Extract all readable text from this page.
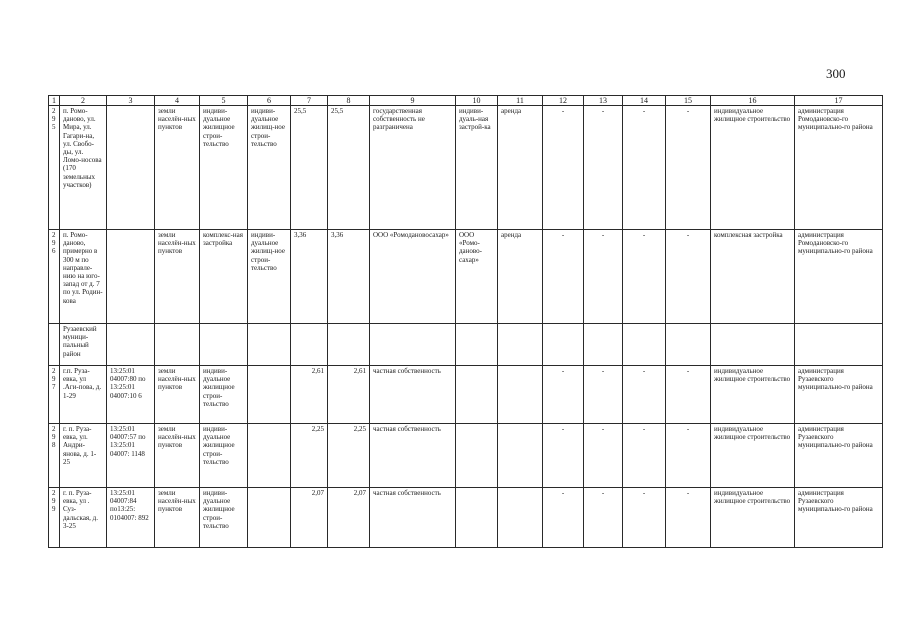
300
1	2	3	4	5	6	7	8	9	10	11	12	13	14	15	16	17
295	п. Ромо-даново, ул. Мира, ул. Гагари-на, ул. Свобо-ды, ул. Ломо-носова (170 земельных участков)		земли населён-ных пунктов	индиви-дуальное жилищное строи-тельство	индиви-дуальное жилищ-ное строи-тельство	25,5	25,5	государственная собственность не разграничена	индиви-дуаль-ная застрой-ка	аренда	-	-	-	-	индивидуальное жилищное строительство	администрация Ромодановско-го муниципально-го района
296	п. Ромо-даново, примерно в 300 м по направле-нию на юго-запад от д. 7 по ул. Родин-кова		земли населён-ных пунктов	комплекс-ная застройка	индиви-дуальное жилищ-ное строи-тельство	3,36	3,36	ООО «Ромодановосахар»	ООО «Ромо-даново-сахар»	аренда	-	-	-	-	комплексная застройка	администрация Ромодановско-го муниципально-го района
	Рузаевский муници-пальный район															
297	г.п. Руза-евка, ул .Аги-пова, д. 1-29	13:25:01 04007:80 по 13:25:01 04007:10 6	земли населён-ных пунктов	индиви-дуальное жилищное строи-тельство		2,61	2,61	частная собственность			-	-	-	-	индивидуальное жилищное строительство	администрация Рузаевского муниципально-го района
298	г. п. Руза-евка, ул. Андри-янова, д. 1-25	13:25:01 04007:57 по 13:25:01 04007: 1148	земли населён-ных пунктов	индиви-дуальное жилищное строи-тельство		2,25	2,25	частная собственность			-	-	-	-	индивидуальное жилищное строительство	администрация Рузаевского муниципально-го района
299	г. п. Руза-евка, ул . Суз-дальская, д. 3-25	13:25:01 04007:84 по13:25: 0104007: 892	земли населён-ных пунктов	индиви-дуальное жилищное строи-тельство		2,07	2,07	частная собственность			-	-	-	-	индивидуальное жилищное строительство	администрация Рузаевского муниципально-го района
